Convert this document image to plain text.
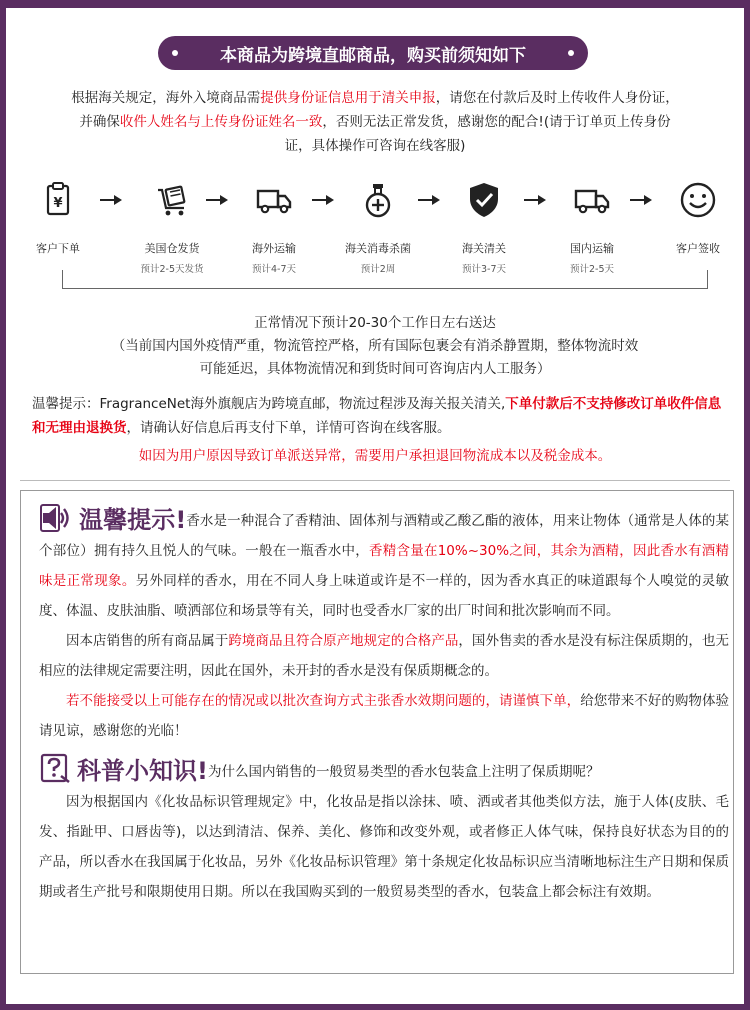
本商品为跨境直邮商品，购买前须知如下
根据海关规定，海外入境商品需提供身份证信息用于清关申报，请您在付款后及时上传收件人身份证，
并确保收件人姓名与上传身份证姓名一致，否则无法正常发货，感谢您的配合!(请于订单页上传身份
证，具体操作可咨询在线客服)
¥
客户下单	美国仓发货
预计2-5天发货
海外运输
预计4-7天
海关消毒杀菌
预计2周
海关清关
预计3-7天
国内运输
预计2-5天
客户签收
正常情况下预计20-30个工作日左右送达
（当前国内国外疫情严重，物流管控严格，所有国际包裹会有消杀静置期，整体物流时效
可能延迟，具体物流情况和到货时间可咨询店内人工服务）
温馨提示：FragranceNet海外旗舰店为跨境直邮，物流过程涉及海关报关清关,下单付款后不支持修改订单收件信息和无理由退换货，请确认好信息后再支付下单，详情可咨询在线客服。
如因为用户原因导致订单派送异常，需要用户承担退回物流成本以及税金成本。
温馨提示!香水是一种混合了香精油、固体剂与酒精或乙酸乙酯的液体，用来让物体（通常是人体的某个部位）拥有持久且悦人的气味。一般在一瓶香水中，香精含量在10%~30%之间，其余为酒精，因此香水有酒精味是正常现象。另外同样的香水，用在不同人身上味道或许是不一样的，因为香水真正的味道跟每个人嗅觉的灵敏度、体温、皮肤油脂、喷洒部位和场景等有关，同时也受香水厂家的出厂时间和批次影响而不同。
因本店销售的所有商品属于跨境商品且符合原产地规定的合格产品，国外售卖的香水是没有标注保质期的，也无相应的法律规定需要注明，因此在国外，未开封的香水是没有保质期概念的。
若不能接受以上可能存在的情况或以批次查询方式主张香水效期问题的，请谨慎下单，给您带来不好的购物体验请见谅，感谢您的光临！
科普小知识!为什么国内销售的一般贸易类型的香水包装盒上注明了保质期呢？
因为根据国内《化妆品标识管理规定》中，化妆品是指以涂抹、喷、洒或者其他类似方法，施于人体(皮肤、毛发、指趾甲、口唇齿等)，以达到清洁、保养、美化、修饰和改变外观，或者修正人体气味，保持良好状态为目的的产品，所以香水在我国属于化妆品，另外《化妆品标识管理》第十条规定化妆品标识应当清晰地标注生产日期和保质期或者生产批号和限期使用日期。所以在我国购买到的一般贸易类型的香水，包装盒上都会标注有效期。
